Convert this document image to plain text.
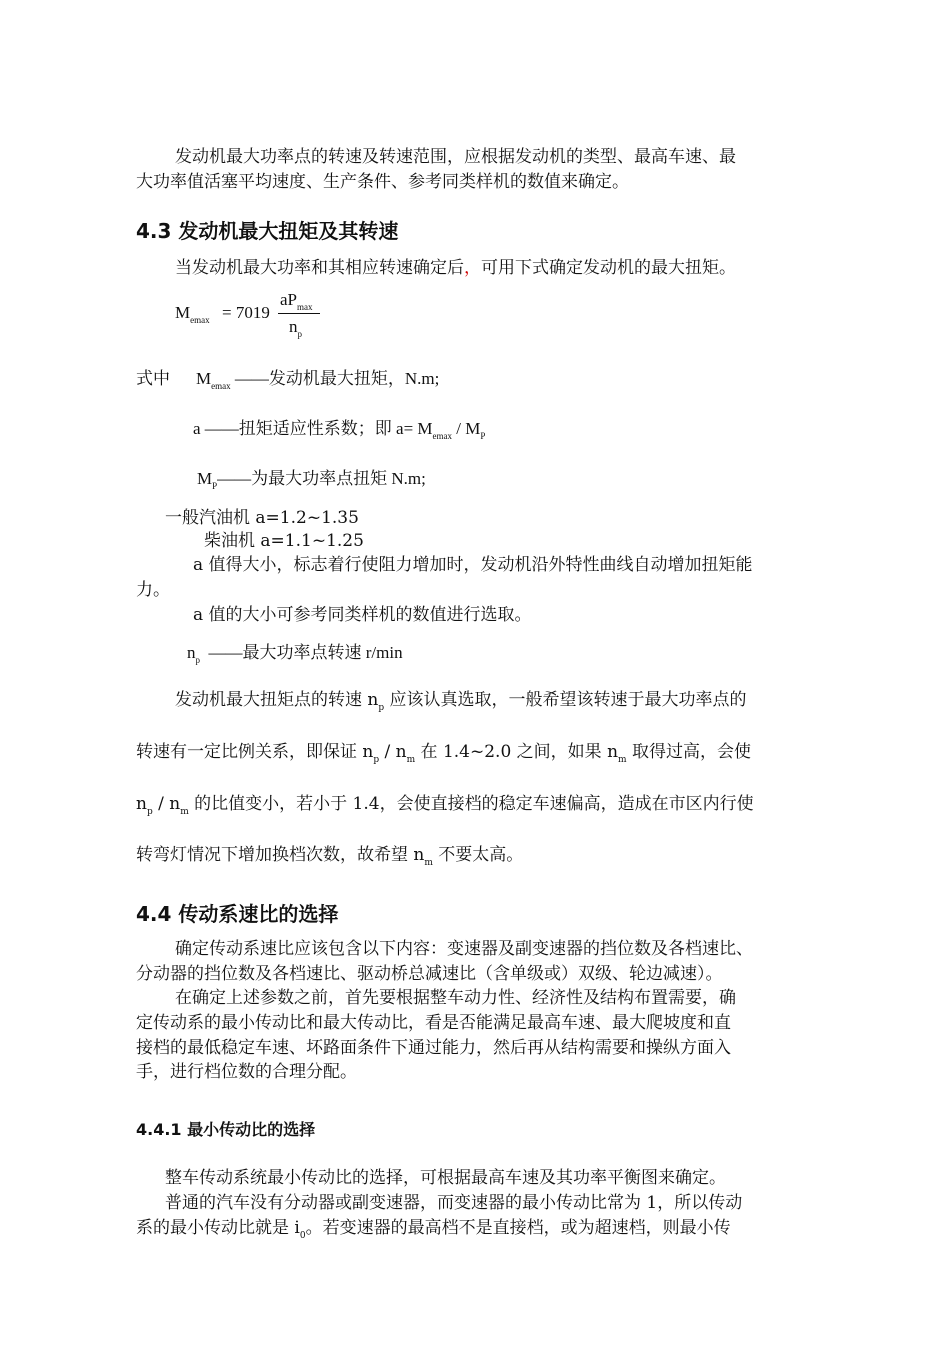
发动机最大功率点的转速及转速范围，应根据发动机的类型、最高车速、最
大功率值活塞平均速度、生产条件、参考同类样机的数值来确定。
4.3 发动机最大扭矩及其转速
当发动机最大功率和其相应转速确定后，可用下式确定发动机的最大扭矩。
$M_{emax} = 7019$
$aP_{max}$
$n_p$
式中 $M_{emax}$ ——发动机最大扭矩，N.m;
a ——扭矩适应性系数；即 $a= M_{emax} / M_P$
$M_P——$为最大功率点扭矩 N.m;
一般汽油机 a=1.2~1.35
柴油机 a=1.1~1.25
a 值得大小，标志着行使阻力增加时，发动机沿外特性曲线自动增加扭矩能
力。
a 值的大小可参考同类样机的数值进行选取。
$n_p$ ——最大功率点转速 r/min
发动机最大扭矩点的转速 $n_p$ 应该认真选取，一般希望该转速于最大功率点的
转速有一定比例关系，即保证 $n_p / n_m$ 在 1.4~2.0 之间，如果 $n_m$ 取得过高，会使
$n_p / n_m$ 的比值变小，若小于 1.4，会使直接档的稳定车速偏高，造成在市区内行使
转弯灯情况下增加换档次数，故希望 $n_m$ 不要太高。
4.4 传动系速比的选择
确定传动系速比应该包含以下内容：变速器及副变速器的挡位数及各档速比、
分动器的挡位数及各档速比、驱动桥总减速比（含单级或）双级、轮边减速）。
在确定上述参数之前，首先要根据整车动力性、经济性及结构布置需要，确
定传动系的最小传动比和最大传动比，看是否能满足最高车速、最大爬坡度和直
接档的最低稳定车速、坏路面条件下通过能力，然后再从结构需要和操纵方面入
手，进行档位数的合理分配。
4.4.1 最小传动比的选择
整车传动系统最小传动比的选择，可根据最高车速及其功率平衡图来确定。
普通的汽车没有分动器或副变速器，而变速器的最小传动比常为 1，所以传动
系的最小传动比就是 $i_0$。若变速器的最高档不是直接档，或为超速档，则最小传
